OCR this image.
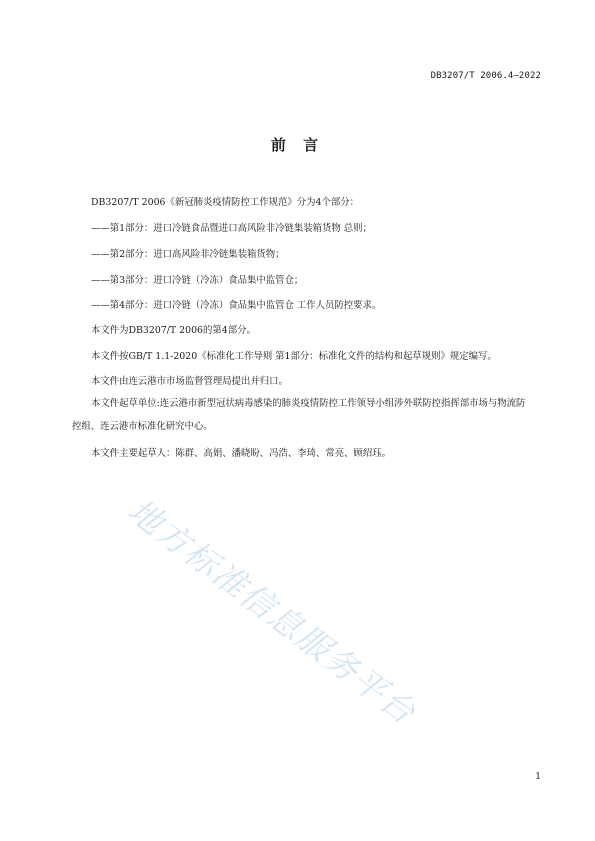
DB3207/T 2006.4—2022
前 言

DB3207/T 2006《新冠肺炎疫情防控工作规范》分为4个部分：

——第1部分：进口冷链食品暨进口高风险非冷链集装箱货物 总则；

——第2部分：进口高风险非冷链集装箱货物；

——第3部分：进口冷链（冷冻）食品集中监管仓；

——第4部分：进口冷链（冷冻）食品集中监管仓 工作人员防控要求。

本文件为DB3207/T 2006的第4部分。

本文件按GB/T 1.1-2020《标准化工作导则 第1部分：标准化文件的结构和起草规则》规定编写。

本文件由连云港市市场监督管理局提出并归口。

本文件起草单位:连云港市新型冠状病毒感染的肺炎疫情防控工作领导小组涉外联防控指挥部市场与物流防控组、连云港市标准化研究中心。

本文件主要起草人：陈群、高娟、潘晓盼、冯浩、李琦、常亮、顾绍珏。

地方标准信息服务平台
1
